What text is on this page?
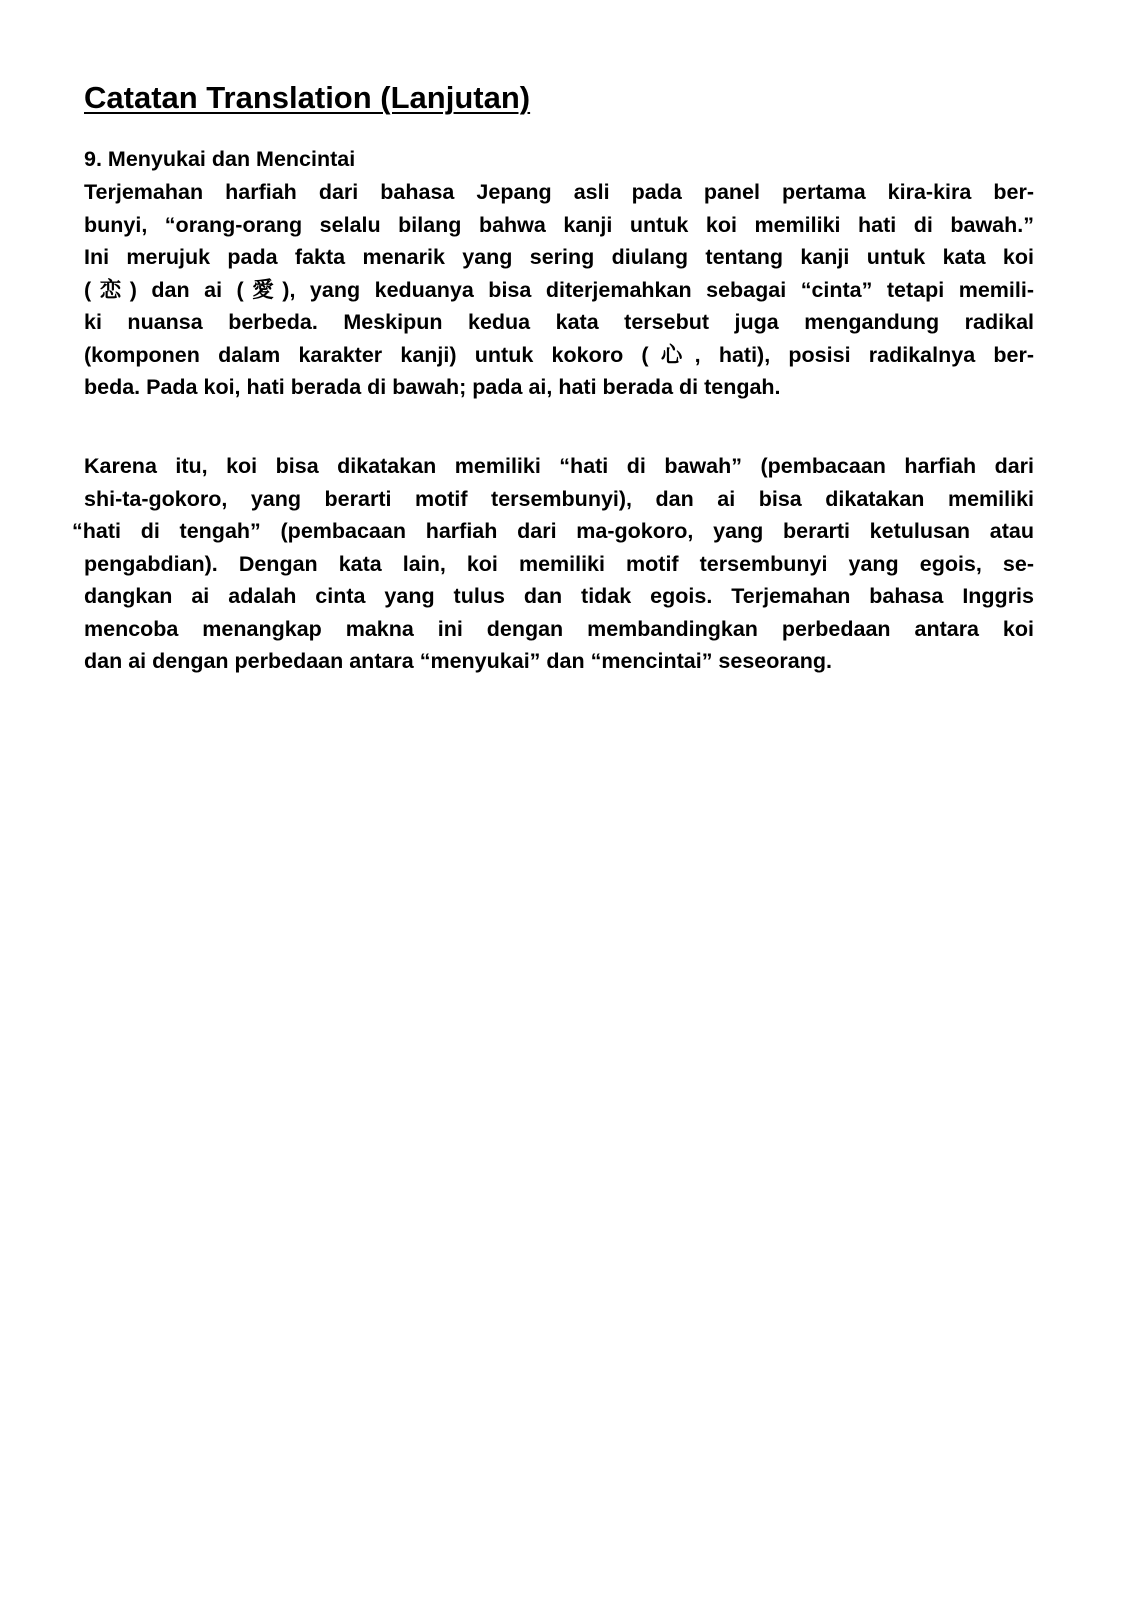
Catatan Translation (Lanjutan)
9. Menyukai dan Mencintai
Terjemahan harfiah dari bahasa Jepang asli pada panel pertama kira-kira ber-
bunyi, “orang-orang selalu bilang bahwa kanji untuk koi memiliki hati di bawah.”
Ini merujuk pada fakta menarik yang sering diulang tentang kanji untuk kata koi
(恋) dan ai (愛), yang keduanya bisa diterjemahkan sebagai “cinta” tetapi memili-
ki nuansa berbeda. Meskipun kedua kata tersebut juga mengandung radikal
(komponen dalam karakter kanji) untuk kokoro (心, hati), posisi radikalnya ber-
beda. Pada koi, hati berada di bawah; pada ai, hati berada di tengah.
Karena itu, koi bisa dikatakan memiliki “hati di bawah” (pembacaan harfiah dari
shi-ta-gokoro, yang berarti motif tersembunyi), dan ai bisa dikatakan memiliki
“hati di tengah” (pembacaan harfiah dari ma-gokoro, yang berarti ketulusan atau
pengabdian). Dengan kata lain, koi memiliki motif tersembunyi yang egois, se-
dangkan ai adalah cinta yang tulus dan tidak egois. Terjemahan bahasa Inggris
mencoba menangkap makna ini dengan membandingkan perbedaan antara koi
dan ai dengan perbedaan antara “menyukai” dan “mencintai” seseorang.
